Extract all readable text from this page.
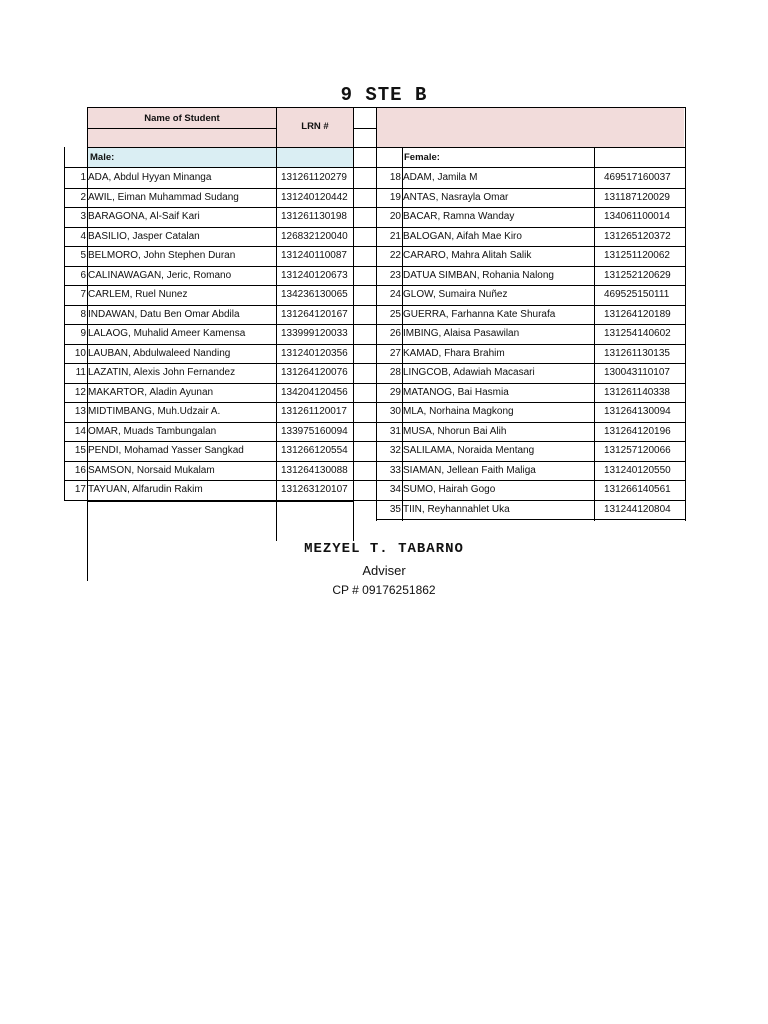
9 STE B
Name of Student
LRN #
Male:	Female:
1 ADA, Abdul Hyyan Minanga	131261120279
2 AWIL, Eiman Muhammad Sudang	131240120442
3 BARAGONA, Al-Saif Kari	131261130198
4 BASILIO, Jasper Catalan	126832120040
5 BELMORO, John Stephen Duran	131240110087
6 CALINAWAGAN, Jeric, Romano	131240120673
7 CARLEM, Ruel Nunez	134236130065
8 INDAWAN, Datu Ben Omar Abdila	131264120167
9 LALAOG, Muhalid Ameer Kamensa	133999120033
10 LAUBAN, Abdulwaleed Nanding	131240120356
11 LAZATIN, Alexis John Fernandez	131264120076
12 MAKARTOR, Aladin Ayunan	134204120456
13 MIDTIMBANG, Muh.Udzair A.	131261120017
14 OMAR, Muads Tambungalan	133975160094
15 PENDI, Mohamad Yasser Sangkad	131266120554
16 SAMSON, Norsaid Mukalam	131264130088
17 TAYUAN, Alfarudin Rakim	131263120107
18 ADAM, Jamila M	469517160037
19 ANTAS, Nasrayla Omar	131187120029
20 BACAR, Ramna Wanday	134061100014
21 BALOGAN, Aifah Mae Kiro	131265120372
22 CARARO, Mahra Alitah Salik	131251120062
23 DATUA SIMBAN, Rohania Nalong	131252120629
24 GLOW, Sumaira Nuñez	469525150111
25 GUERRA, Farhanna Kate Shurafa	131264120189
26 IMBING, Alaisa Pasawilan	131254140602
27 KAMAD, Fhara Brahim	131261130135
28 LINGCOB, Adawiah Macasari	130043110107
29 MATANOG, Bai Hasmia	131261140338
30 MLA, Norhaina Magkong	131264130094
31 MUSA, Nhorun Bai Alih	131264120196
32 SALILAMA, Noraida Mentang	131257120066
33 SIAMAN, Jellean Faith Maliga	131240120550
34 SUMO, Hairah Gogo	131266140561
35 TIIN, Reyhannahlet Uka	131244120804
MEZYEL T. TABARNO
Adviser
CP # 09176251862
